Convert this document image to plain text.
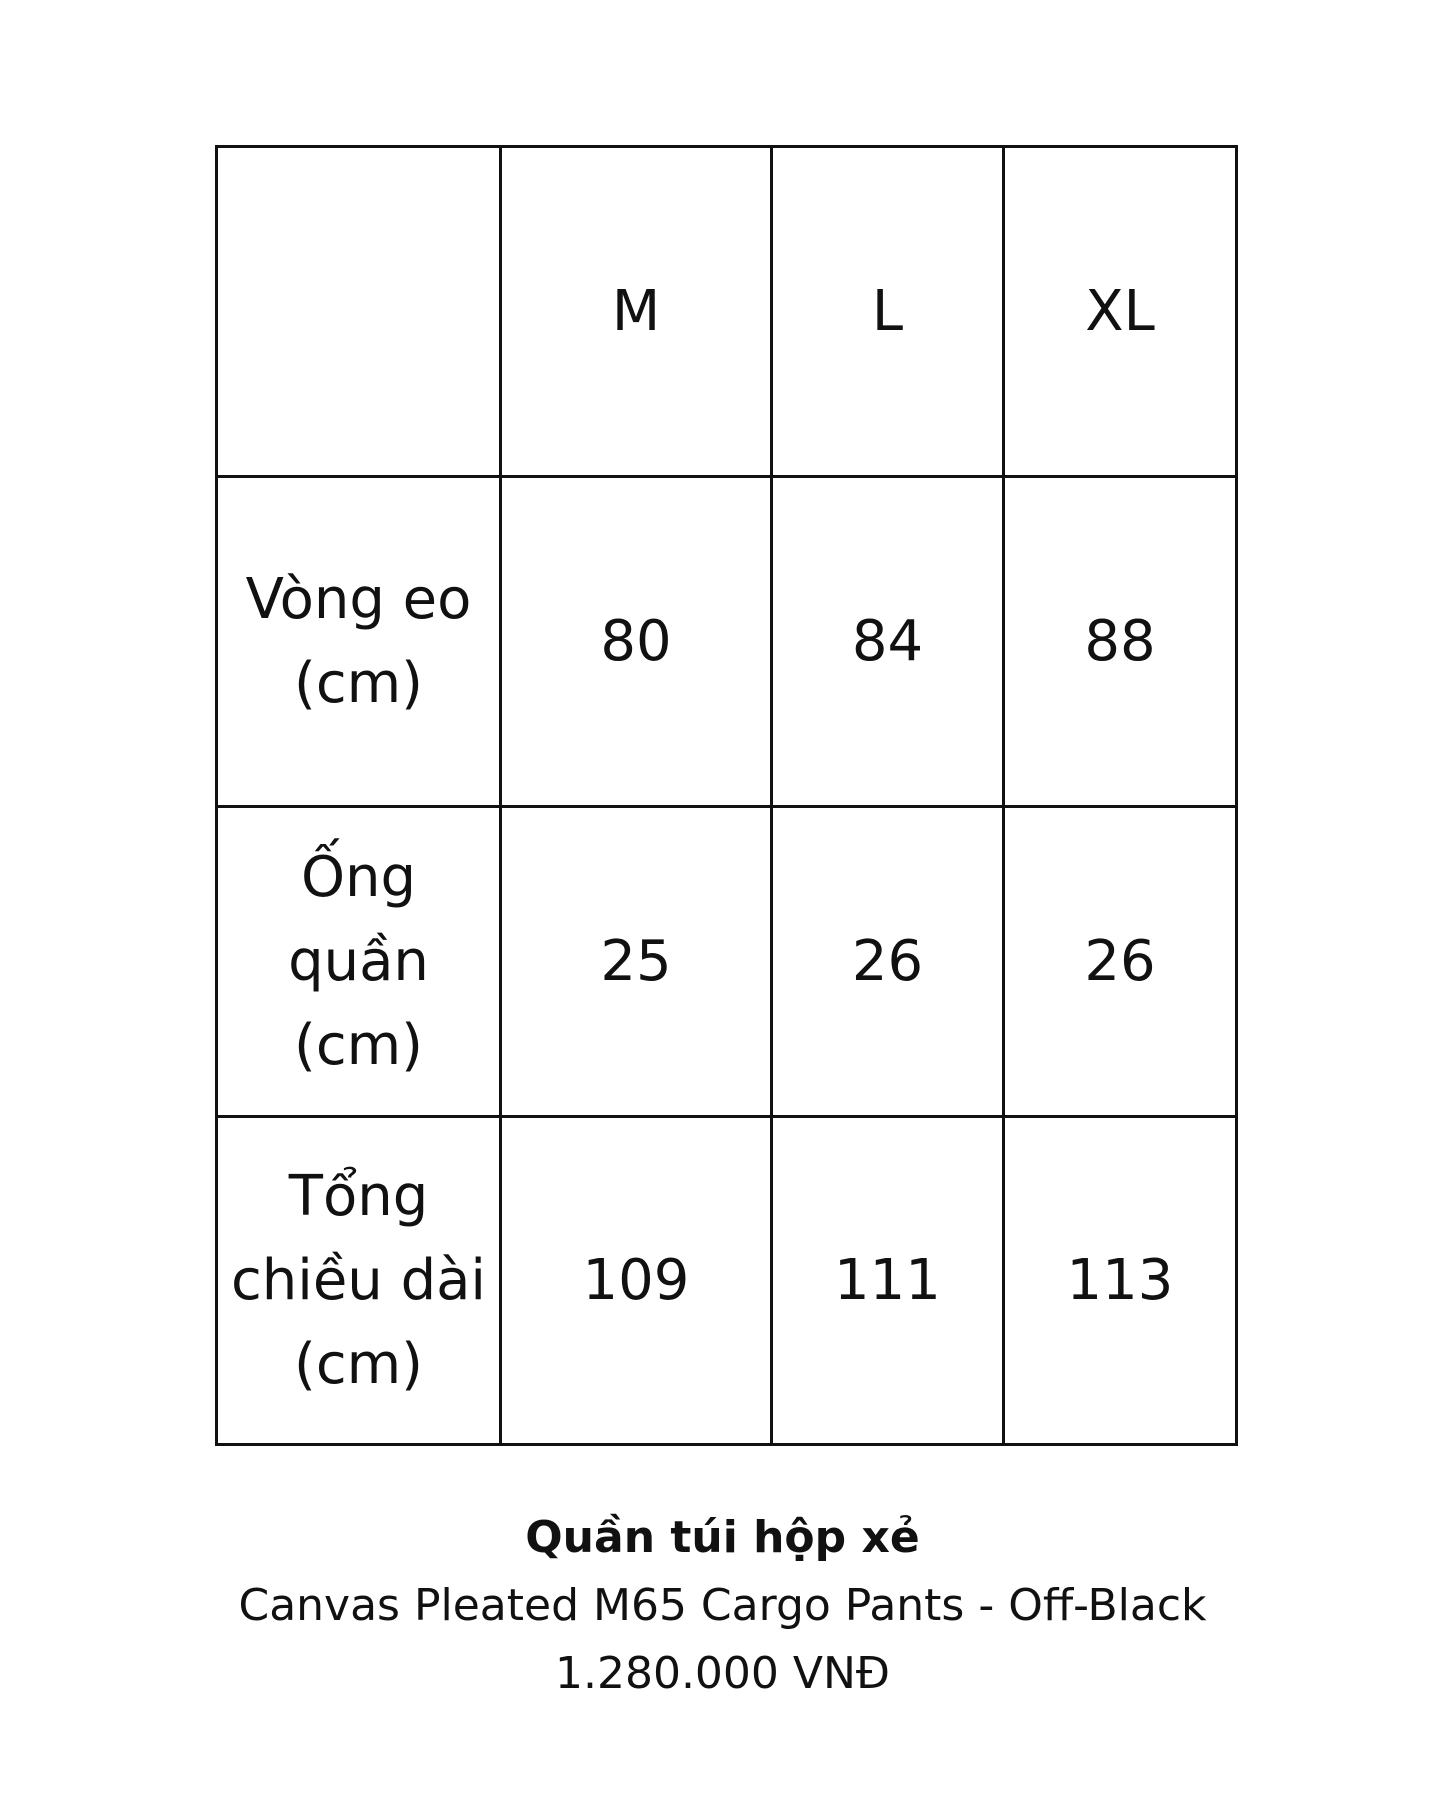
	M	L	XL
Vòng eo
(cm)	80	84	88
Ống
quần
(cm)	25	26	26
Tổng
chiều dài
(cm)	109	111	113
Quần túi hộp xẻ
Canvas Pleated M65 Cargo Pants - Off-Black
1.280.000 VNĐ
